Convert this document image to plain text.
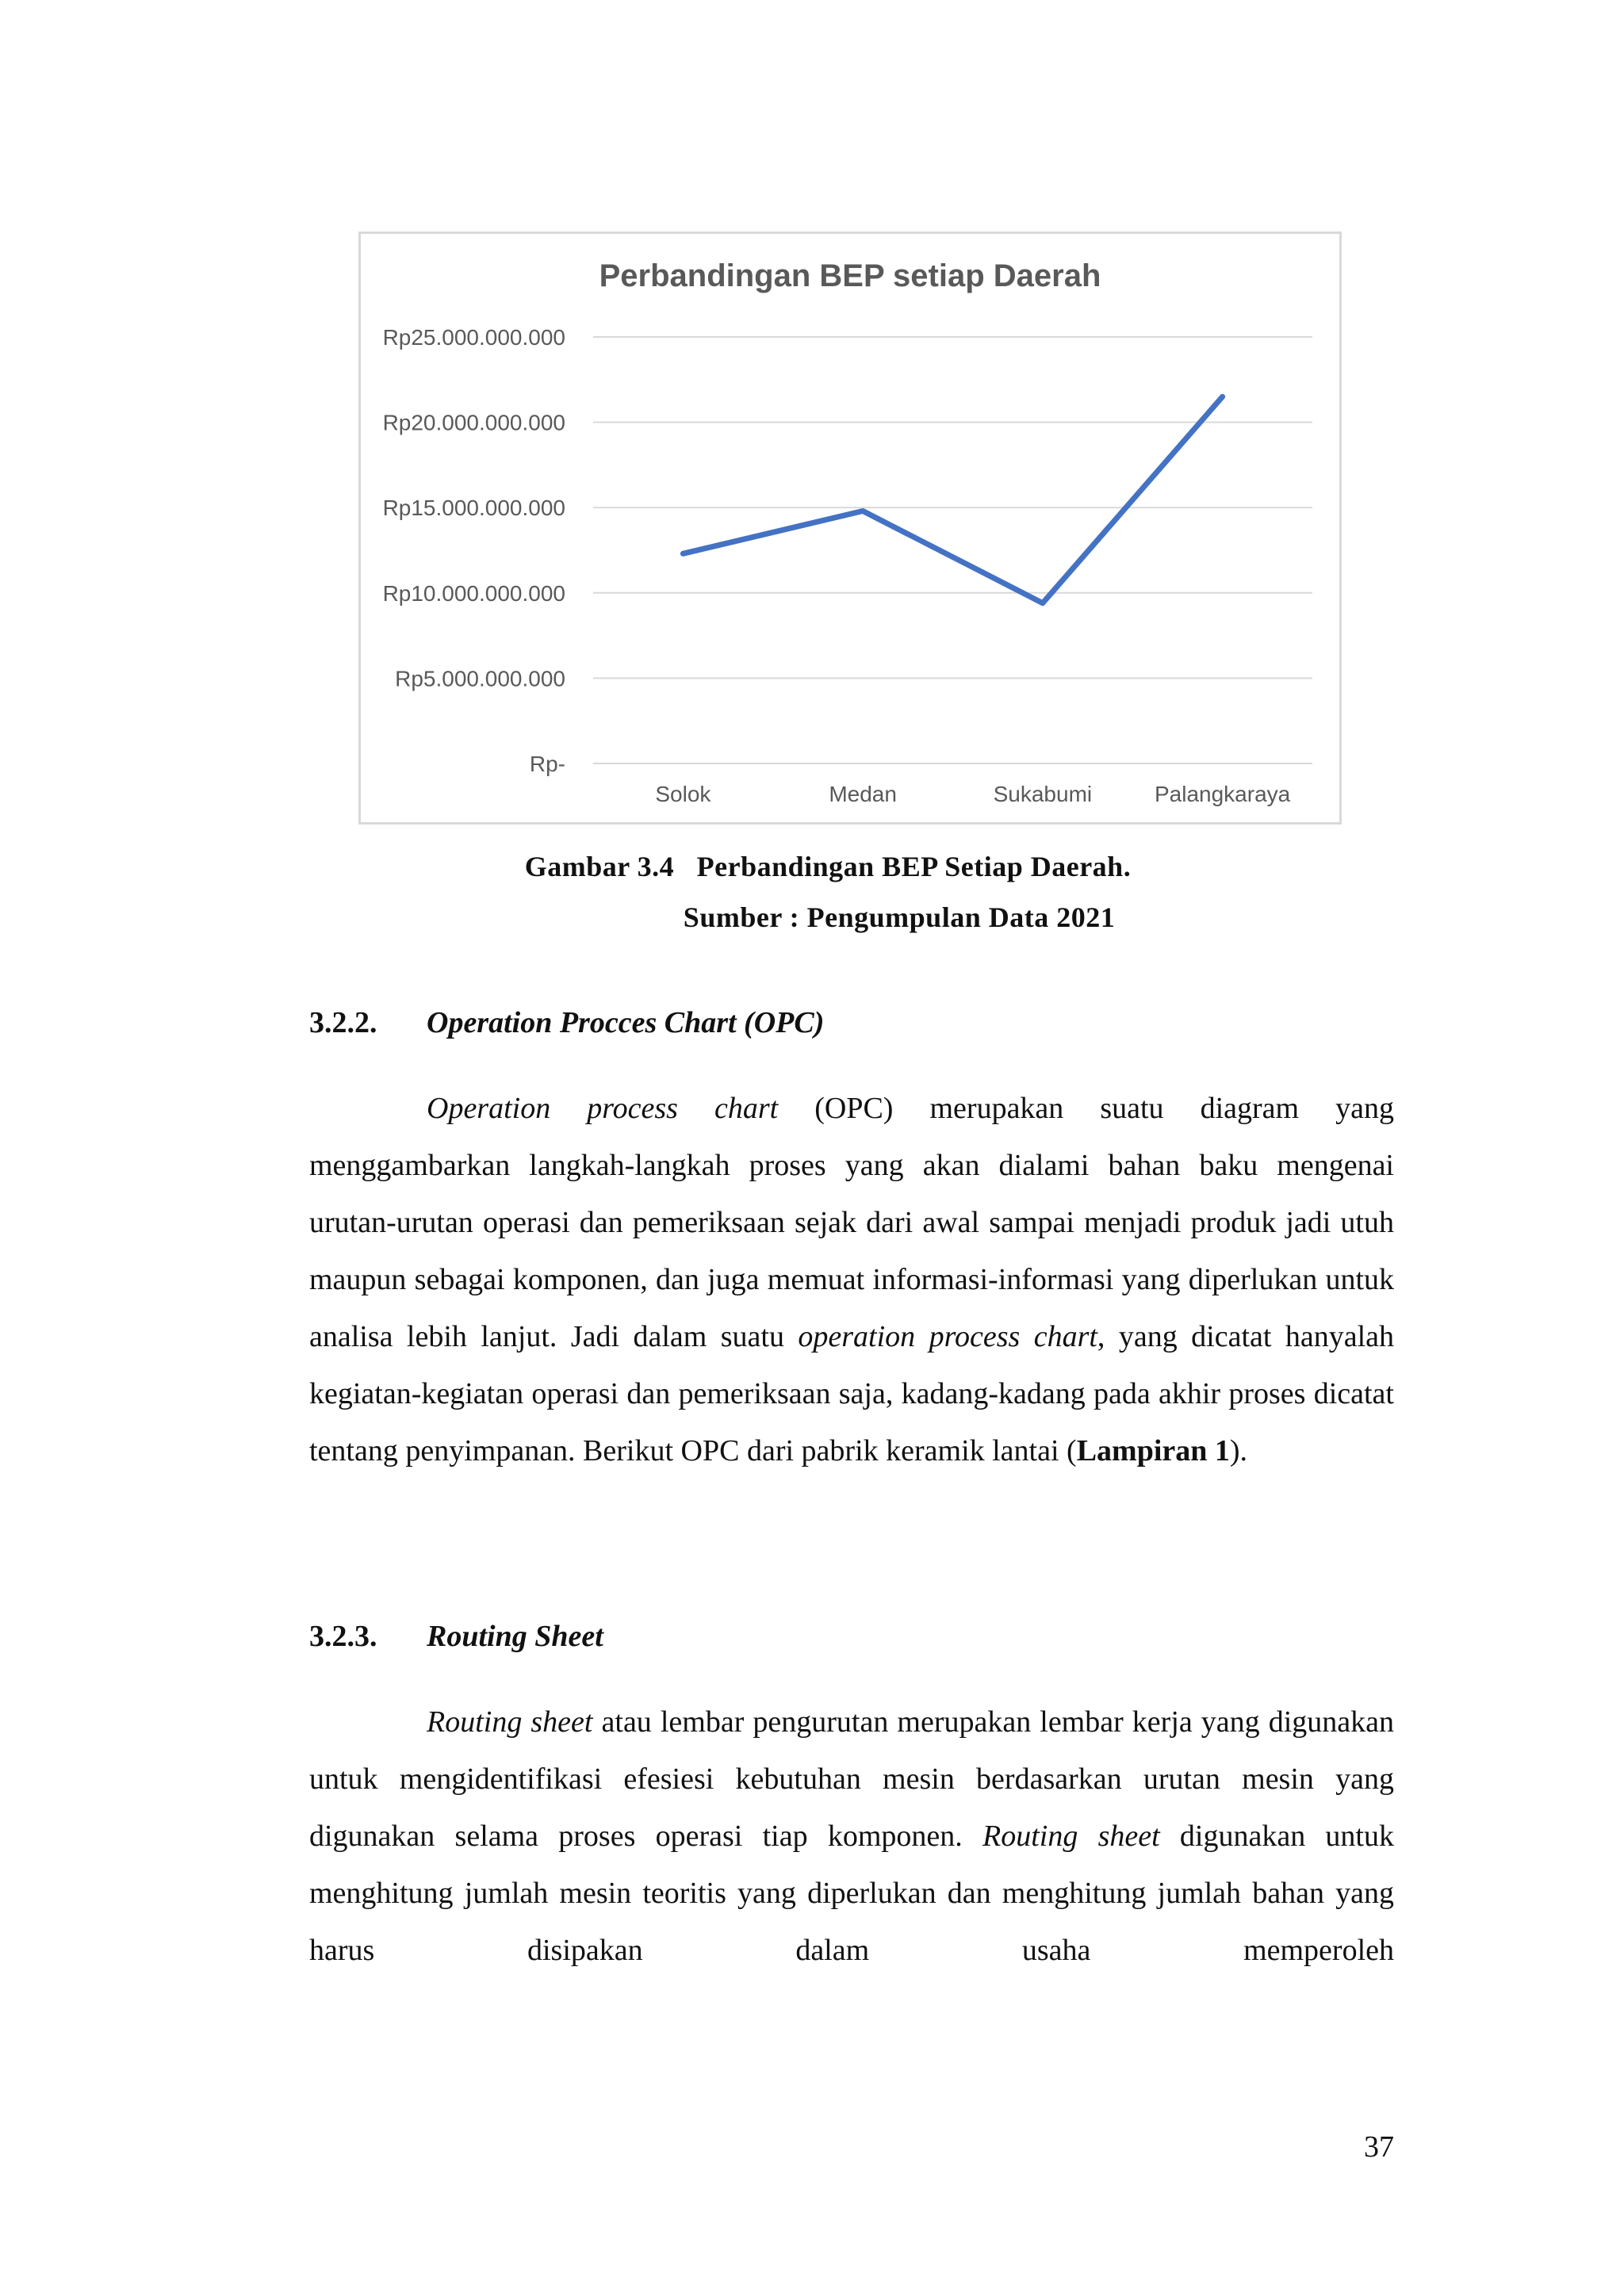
Perbandingan BEP setiap Daerah
Rp-
Rp5.000.000.000
Rp10.000.000.000
Rp15.000.000.000
Rp20.000.000.000
Rp25.000.000.000
Solok	Medan	Sukabumi	Palangkaraya
Gambar 3.4   Perbandingan BEP Setiap Daerah.
Sumber : Pengumpulan Data 2021
3.2.2. Operation Procces Chart (OPC)

Operation process chart (OPC) merupakan suatu diagram yang menggambarkan langkah-langkah proses yang akan dialami bahan baku mengenai urutan-urutan operasi dan pemeriksaan sejak dari awal sampai menjadi produk jadi utuh maupun sebagai komponen, dan juga memuat informasi-informasi yang diperlukan untuk analisa lebih lanjut. Jadi dalam suatu operation process chart, yang dicatat hanyalah kegiatan-kegiatan operasi dan pemeriksaan saja, kadang-kadang pada akhir proses dicatat tentang penyimpanan. Berikut OPC dari pabrik keramik lantai (Lampiran 1).

3.2.3. Routing Sheet

Routing sheet atau lembar pengurutan merupakan lembar kerja yang digunakan untuk mengidentifikasi efesiesi kebutuhan mesin berdasarkan urutan mesin yang digunakan selama proses operasi tiap komponen. Routing sheet digunakan untuk menghitung jumlah mesin teoritis yang diperlukan dan menghitung jumlah bahan yang harus disipakan dalam usaha memperoleh

37
